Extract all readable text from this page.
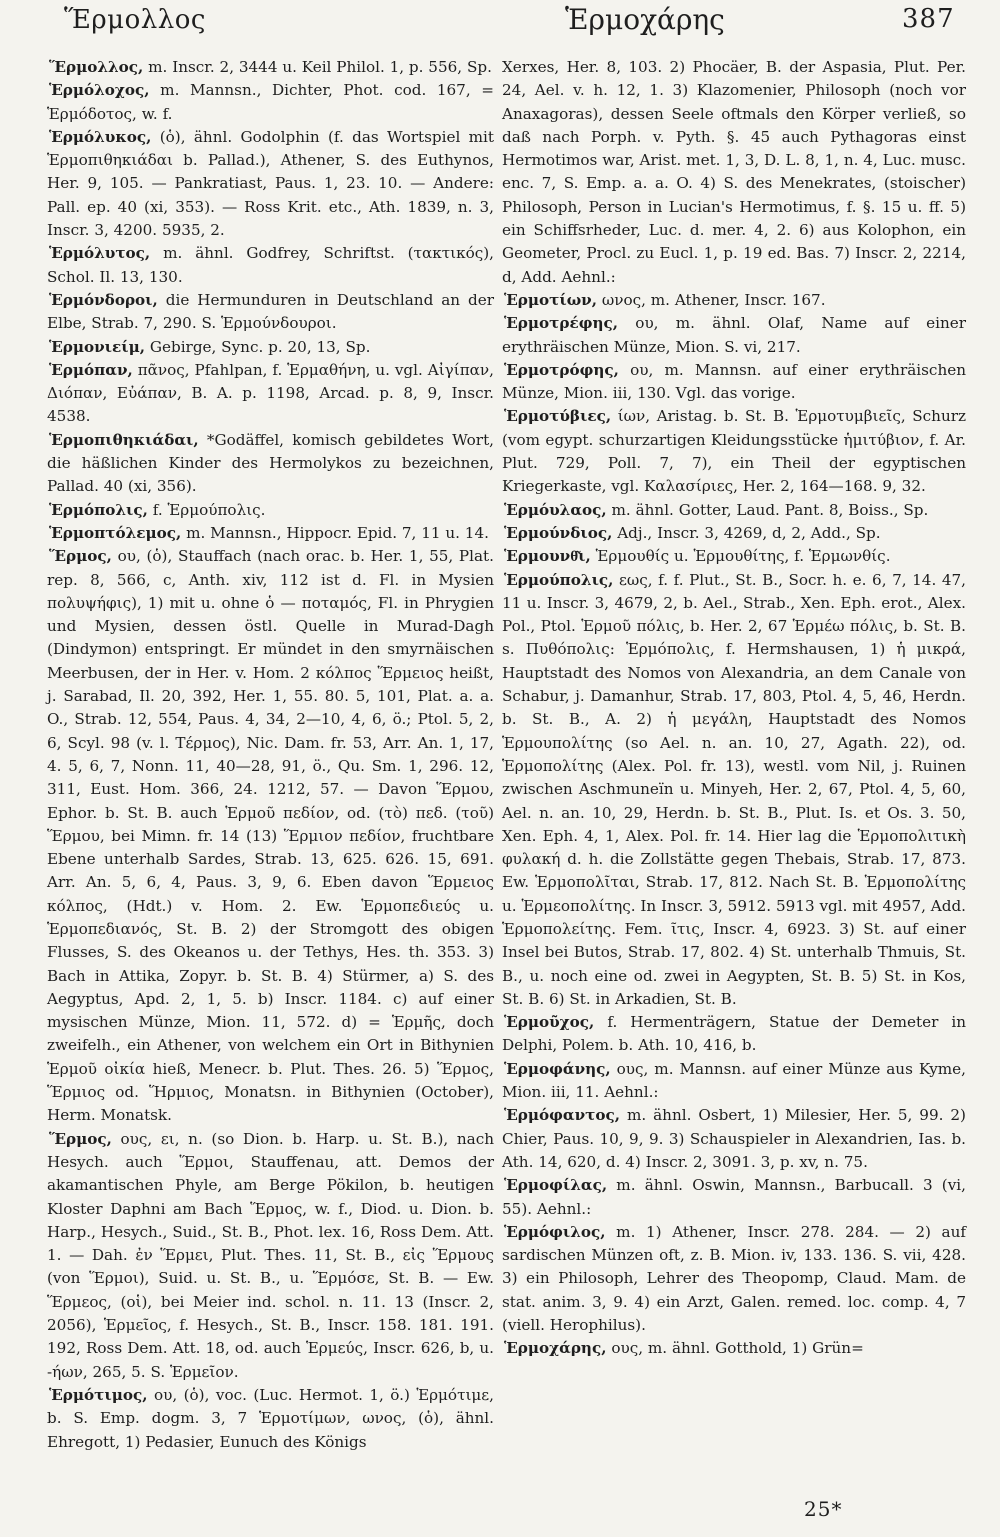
Ἕρμολλος	Ἑρμοχάρης	387

Ἕρμολλος, m. Inscr. 2, 3444 u. Keil Philol. 1, p. 556, Sp.

Ἑρμόλοχος, m. Mannsn., Dichter, Phot. cod. 167, = Ἑρμόδοτος, w. f.

Ἑρμόλυκος, (ὁ), ähnl. Godolphin (f. das Wortspiel mit Ἑρμοπιθηκιάδαι b. Pallad.), Athener, S. des Euthynos, Her. 9, 105. — Pankratiast, Paus. 1, 23. 10. — Andere: Pall. ep. 40 (xi, 353). — Ross Krit. etc., Ath. 1839, n. 3, Inscr. 3, 4200. 5935, 2.

Ἑρμόλυτος, m. ähnl. Godfrey, Schriftst. (τακτικός), Schol. Il. 13, 130.

Ἑρμόνδοροι, die Hermunduren in Deutschland an der Elbe, Strab. 7, 290. S. Ἑρμούνδουροι.

Ἑρμονιείμ, Gebirge, Sync. p. 20, 13, Sp.

Ἑρμόπαν, πᾶνος, Pfahlpan, f. Ἑρμαθήνη, u. vgl. Αἰγίπαν, Διόπαν, Εὐάπαν, B. A. p. 1198, Arcad. p. 8, 9, Inscr. 4538.

Ἑρμοπιθηκιάδαι, *Godäffel, komisch gebildetes Wort, die häßlichen Kinder des Hermolykos zu bezeichnen, Pallad. 40 (xi, 356).

Ἑρμόπολις, f. Ἑρμούπολις.

Ἑρμοπτόλεμος, m. Mannsn., Hippocr. Epid. 7, 11 u. 14.

Ἕρμος, ου, (ὁ), Stauffach (nach orac. b. Her. 1, 55, Plat. rep. 8, 566, c, Anth. xiv, 112 ist d. Fl. in Mysien πολυψήφις), 1) mit u. ohne ὁ — ποταμός, Fl. in Phrygien und Mysien, dessen östl. Quelle in Murad-Dagh (Dindymon) entspringt. Er mündet in den smyrnäischen Meerbusen, der in Her. v. Hom. 2 κόλπος Ἕρμειος heißt, j. Sarabad, Il. 20, 392, Her. 1, 55. 80. 5, 101, Plat. a. a. O., Strab. 12, 554, Paus. 4, 34, 2—10, 4, 6, ö.; Ptol. 5, 2, 6, Scyl. 98 (v. l. Τέρμος), Nic. Dam. fr. 53, Arr. An. 1, 17, 4. 5, 6, 7, Nonn. 11, 40—28, 91, ö., Qu. Sm. 1, 296. 12, 311, Eust. Hom. 366, 24. 1212, 57. — Davon Ἕρμου, Ephor. b. St. B. auch Ἑρμοῦ πεδίον, od. (τὸ) πεδ. (τοῦ) Ἕρμου, bei Mimn. fr. 14 (13) Ἕρμιον πεδίον, fruchtbare Ebene unterhalb Sardes, Strab. 13, 625. 626. 15, 691. Arr. An. 5, 6, 4, Paus. 3, 9, 6. Eben davon Ἕρμειος κόλπος, (Hdt.) v. Hom. 2. Ew. Ἑρμοπεδιεύς u. Ἑρμοπεδιανός, St. B. 2) der Stromgott des obigen Flusses, S. des Okeanos u. der Tethys, Hes. th. 353. 3) Bach in Attika, Zopyr. b. St. B. 4) Stürmer, a) S. des Aegyptus, Apd. 2, 1, 5. b) Inscr. 1184. c) auf einer mysischen Münze, Mion. 11, 572. d) = Ἑρμῆς, doch zweifelh., ein Athener, von welchem ein Ort in Bithynien Ἑρμοῦ οἰκία hieß, Menecr. b. Plut. Thes. 26. 5) Ἕρμος, Ἕρμιος od. Ἥρμιος, Monatsn. in Bithynien (October), Herm. Monatsk.

Ἕρμος, ους, ει, n. (so Dion. b. Harp. u. St. B.), nach Hesych. auch Ἕρμοι, Stauffenau, att. Demos der akamantischen Phyle, am Berge Pökilon, b. heutigen Kloster Daphni am Bach Ἕρμος, w. f., Diod. u. Dion. b. Harp., Hesych., Suid., St. B., Phot. lex. 16, Ross Dem. Att. 1. — Dah. ἐν Ἕρμει, Plut. Thes. 11, St. B., εἰς Ἕρμους (von Ἕρμοι), Suid. u. St. B., u. Ἕρμόσε, St. B. — Ew. Ἕρμεος, (οἱ), bei Meier ind. schol. n. 11. 13 (Inscr. 2, 2056), Ἑρμεῖος, f. Hesych., St. B., Inscr. 158. 181. 191. 192, Ross Dem. Att. 18, od. auch Ἑρμεύς, Inscr. 626, b, u. -ήων, 265, 5. S. Ἑρμεῖον.

Ἑρμότιμος, ου, (ὁ), voc. (Luc. Hermot. 1, ö.) Ἑρμότιμε, b. S. Emp. dogm. 3, 7 Ἑρμοτίμων, ωνος, (ὁ), ähnl. Ehregott, 1) Pedasier, Eunuch des Königs

Xerxes, Her. 8, 103. 2) Phocäer, B. der Aspasia, Plut. Per. 24, Ael. v. h. 12, 1. 3) Klazomenier, Philosoph (noch vor Anaxagoras), dessen Seele oftmals den Körper verließ, so daß nach Porph. v. Pyth. §. 45 auch Pythagoras einst Hermotimos war, Arist. met. 1, 3, D. L. 8, 1, n. 4, Luc. musc. enc. 7, S. Emp. a. a. O. 4) S. des Menekrates, (stoischer) Philosoph, Person in Lucian's Hermotimus, f. §. 15 u. ff. 5) ein Schiffsrheder, Luc. d. mer. 4, 2. 6) aus Kolophon, ein Geometer, Procl. zu Eucl. 1, p. 19 ed. Bas. 7) Inscr. 2, 2214, d, Add. Aehnl.:

Ἑρμοτίων, ωνος, m. Athener, Inscr. 167.

Ἑρμοτρέφης, ου, m. ähnl. Olaf, Name auf einer erythräischen Münze, Mion. S. vi, 217.

Ἑρμοτρόφης, ου, m. Mannsn. auf einer erythräischen Münze, Mion. iii, 130. Vgl. das vorige.

Ἑρμοτύβιες, ίων, Aristag. b. St. B. Ἑρμοτυμβιεῖς, Schurz (vom egypt. schurzartigen Kleidungsstücke ἡμιτύβιον, f. Ar. Plut. 729, Poll. 7, 7), ein Theil der egyptischen Kriegerkaste, vgl. Καλασίριες, Her. 2, 164—168. 9, 32.

Ἑρμόυλαος, m. ähnl. Gotter, Laud. Pant. 8, Boiss., Sp.

Ἑρμούνδιος, Adj., Inscr. 3, 4269, d, 2, Add., Sp.

Ἑρμουνθ͂ι, Ἑρμουθίς u. Ἑρμουθίτης, f. Ἑρμωνθίς.

Ἑρμούπολις, εως, f. f. Plut., St. B., Socr. h. e. 6, 7, 14. 47, 11 u. Inscr. 3, 4679, 2, b. Ael., Strab., Xen. Eph. erot., Alex. Pol., Ptol. Ἑρμοῦ πόλις, b. Her. 2, 67 Ἑρμέω πόλις, b. St. B. s. Πυθόπολις: Ἑρμόπολις, f. Hermshausen, 1) ἡ μικρά, Hauptstadt des Nomos von Alexandria, an dem Canale von Schabur, j. Damanhur, Strab. 17, 803, Ptol. 4, 5, 46, Herdn. b. St. B., A. 2) ἡ μεγάλη, Hauptstadt des Nomos Ἑρμουπολίτης (so Ael. n. an. 10, 27, Agath. 22), od. Ἑρμοπολίτης (Alex. Pol. fr. 13), westl. vom Nil, j. Ruinen zwischen Aschmuneïn u. Minyeh, Her. 2, 67, Ptol. 4, 5, 60, Ael. n. an. 10, 29, Herdn. b. St. B., Plut. Is. et Os. 3. 50, Xen. Eph. 4, 1, Alex. Pol. fr. 14. Hier lag die Ἑρμοπολιτικὴ φυλακή d. h. die Zollstätte gegen Thebais, Strab. 17, 873. Ew. Ἑρμοπολῖται, Strab. 17, 812. Nach St. B. Ἑρμοπολίτης u. Ἑρμεοπολίτης. In Inscr. 3, 5912. 5913 vgl. mit 4957, Add. Ἑρμοπολείτης. Fem. ῖτις, Inscr. 4, 6923. 3) St. auf einer Insel bei Butos, Strab. 17, 802. 4) St. unterhalb Thmuis, St. B., u. noch eine od. zwei in Aegypten, St. B. 5) St. in Kos, St. B. 6) St. in Arkadien, St. B.

Ἑρμοῦχος, f. Hermenträgern, Statue der Demeter in Delphi, Polem. b. Ath. 10, 416, b.

Ἑρμοφάνης, ους, m. Mannsn. auf einer Münze aus Kyme, Mion. iii, 11. Aehnl.:

Ἑρμόφαντος, m. ähnl. Osbert, 1) Milesier, Her. 5, 99. 2) Chier, Paus. 10, 9, 9. 3) Schauspieler in Alexandrien, Ias. b. Ath. 14, 620, d. 4) Inscr. 2, 3091. 3, p. xv, n. 75.

Ἑρμοφίλας, m. ähnl. Oswin, Mannsn., Barbucall. 3 (vi, 55). Aehnl.:

Ἑρμόφιλος, m. 1) Athener, Inscr. 278. 284. — 2) auf sardischen Münzen oft, z. B. Mion. iv, 133. 136. S. vii, 428. 3) ein Philosoph, Lehrer des Theopomp, Claud. Mam. de stat. anim. 3, 9. 4) ein Arzt, Galen. remed. loc. comp. 4, 7 (viell. Herophilus).

Ἑρμοχάρης, ους, m. ähnl. Gotthold, 1) Grün=

25*
